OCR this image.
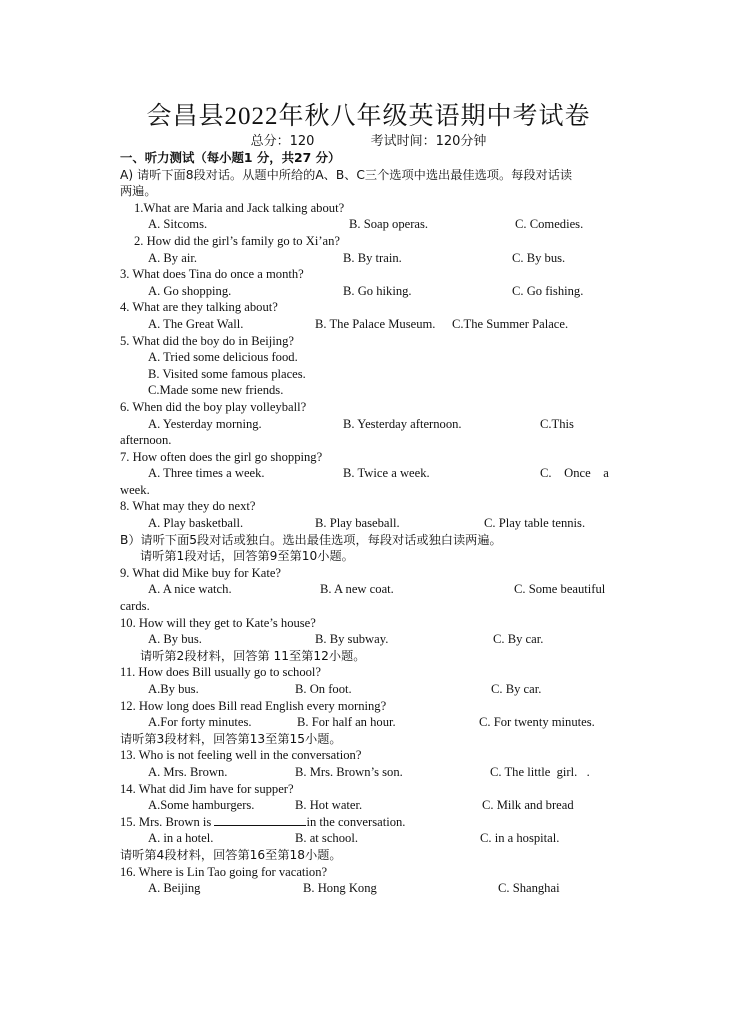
会昌县2022年秋八年级英语期中考试卷
总分：120	考试时间：120分钟
一、听力测试（每小题1 分，共27 分）
A) 请听下面8段对话。从题中所给的A、B、C三个选项中选出最佳选项。每段对话读
两遍。
1.What are Maria and Jack talking about?
A. Sitcoms.	B. Soap operas.	C. Comedies.
2. How did the girl’s family go to Xi’an?
A. By air.	B. By train.	C. By bus.
3. What does Tina do once a month?
A. Go shopping.	B. Go hiking.	C. Go fishing.
4. What are they talking about?
A. The Great Wall.	B. The Palace Museum. C.The Summer Palace.
5. What did the boy do in Beijing?
A. Tried some delicious food.
B. Visited some famous places.
C.Made some new friends.
6. When did the boy play volleyball?
A. Yesterday morning.	B. Yesterday afternoon.	C.This
afternoon.
7. How often does the girl go shopping?
A. Three times a week.	B. Twice a week.	C.    Once    a
week.
8. What may they do next?
A. Play basketball.	B. Play baseball.	C. Play table tennis.
B）请听下面5段对话或独白。选出最佳选项，每段对话或独白读两遍。
请听第1段对话，回答第9至第10小题。
9. What did Mike buy for Kate?
A. A nice watch.	B. A new coat.	C. Some beautiful
cards.
10. How will they get to Kate’s house?
A. By bus.	B. By subway.	C. By car.
请听第2段材料，回答第 11至第12小题。
11. How does Bill usually go to school?
A.By bus.	B. On foot.	C. By car.
12. How long does Bill read English every morning?
A.For forty minutes.	B. For half an hour.	C. For twenty minutes.
请听第3段材料，回答第13至第15小题。
13. Who is not feeling well in the conversation?
A. Mrs. Brown.	B. Mrs. Brown’s son.	C. The little  girl.   .
14. What did Jim have for supper?
A.Some hamburgers.	B. Hot water.	C. Milk and bread
15. Mrs. Brown is	in the conversation.
A. in a hotel.	B. at school.	C. in a hospital.
请听第4段材料，回答第16至第18小题。
16. Where is Lin Tao going for vacation?
A. Beijing	B. Hong Kong	C. Shanghai
